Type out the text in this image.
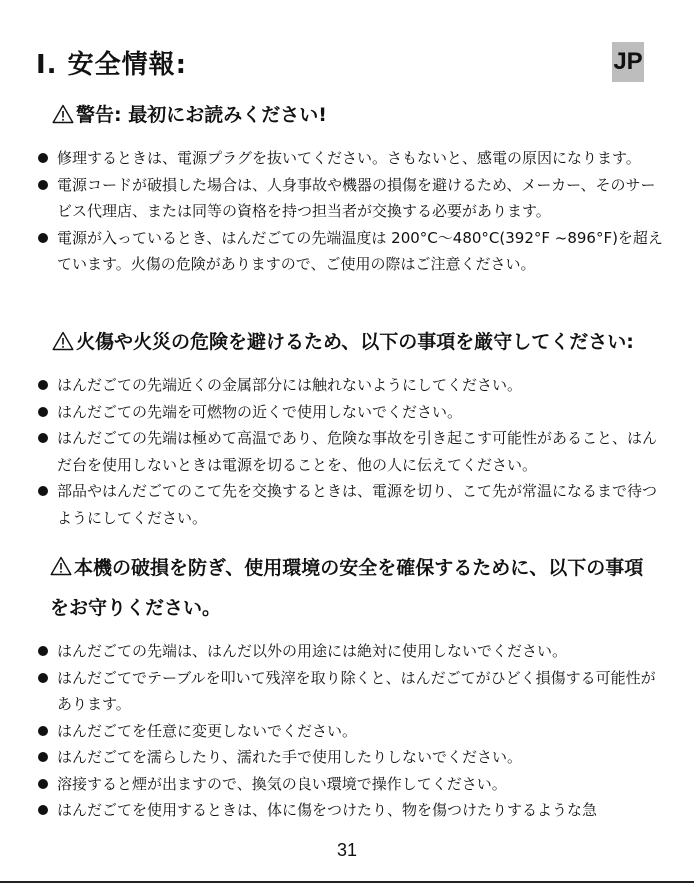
I. 安全情報:	JP
警告: 最初にお読みください!
修理するときは、電源プラグを抜いてください。さもないと、感電の原因になります。
電源コードが破損した場合は、人身事故や機器の損傷を避けるため、メーカー、そのサービス代理店、または同等の資格を持つ担当者が交換する必要があります。
電源が入っているとき、はんだごての先端温度は 200°C～480°C(392°F ~896°F)を超えています。火傷の危険がありますので、ご使用の際はご注意ください。
火傷や火災の危険を避けるため、以下の事項を厳守してください:
はんだごての先端近くの金属部分には触れないようにしてください。
はんだごての先端を可燃物の近くで使用しないでください。
はんだごての先端は極めて高温であり、危険な事故を引き起こす可能性があること、はんだ台を使用しないときは電源を切ることを、他の人に伝えてください。
部品やはんだごてのこて先を交換するときは、電源を切り、こて先が常温になるまで待つようにしてください。
本機の破損を防ぎ、使用環境の安全を確保するために、以下の事項をお守りください。
はんだごての先端は、はんだ以外の用途には絶対に使用しないでください。
はんだごてでテーブルを叩いて残滓を取り除くと、はんだごてがひどく損傷する可能性があります。
はんだごてを任意に変更しないでください。
はんだごてを濡らしたり、濡れた手で使用したりしないでください。
溶接すると煙が出ますので、換気の良い環境で操作してください。
はんだごてを使用するときは、体に傷をつけたり、物を傷つけたりするような急
31
